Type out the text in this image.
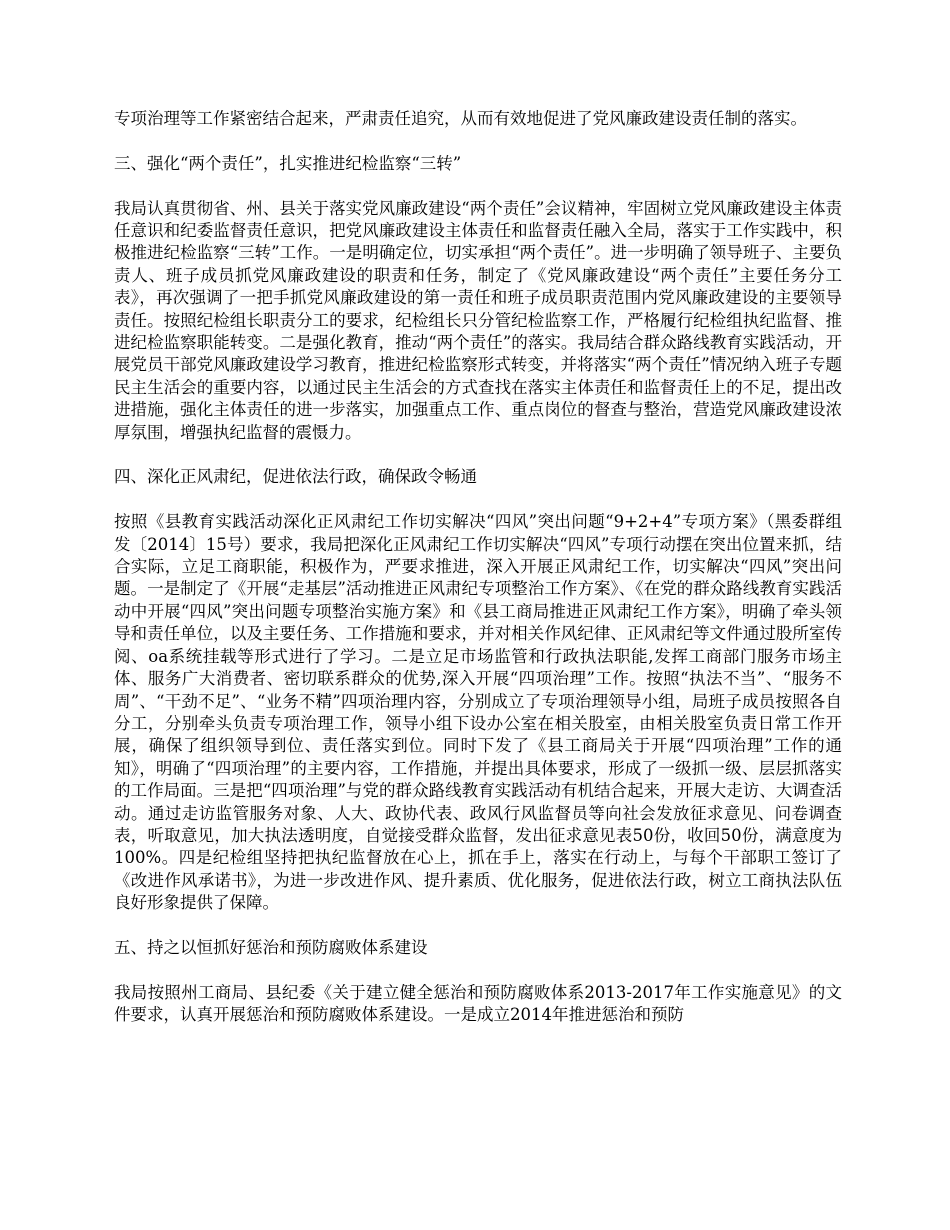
专项治理等工作紧密结合起来，严肃责任追究，从而有效地促进了党风廉政建设责任制的落实。

三、强化“两个责任”，扎实推进纪检监察“三转”

我局认真贯彻省、州、县关于落实党风廉政建设“两个责任”会议精神，牢固树立党风廉政建设主体责任意识和纪委监督责任意识，把党风廉政建设主体责任和监督责任融入全局，落实于工作实践中，积极推进纪检监察“三转”工作。一是明确定位，切实承担“两个责任”。进一步明确了领导班子、主要负责人、班子成员抓党风廉政建设的职责和任务，制定了《党风廉政建设“两个责任”主要任务分工表》，再次强调了一把手抓党风廉政建设的第一责任和班子成员职责范围内党风廉政建设的主要领导责任。按照纪检组长职责分工的要求，纪检组长只分管纪检监察工作，严格履行纪检组执纪监督、推进纪检监察职能转变。二是强化教育，推动“两个责任”的落实。我局结合群众路线教育实践活动，开展党员干部党风廉政建设学习教育，推进纪检监察形式转变，并将落实“两个责任”情况纳入班子专题民主生活会的重要内容，以通过民主生活会的方式查找在落实主体责任和监督责任上的不足，提出改进措施，强化主体责任的进一步落实，加强重点工作、重点岗位的督查与整治，营造党风廉政建设浓厚氛围，增强执纪监督的震慑力。

四、深化正风肃纪，促进依法行政，确保政令畅通

按照《县教育实践活动深化正风肃纪工作切实解决“四风”突出问题“9+2+4”专项方案》（黑委群组发〔2014〕15号）要求，我局把深化正风肃纪工作切实解决“四风”专项行动摆在突出位置来抓，结合实际，立足工商职能，积极作为，严要求推进，深入开展正风肃纪工作，切实解决“四风”突出问题。一是制定了《开展“走基层”活动推进正风肃纪专项整治工作方案》、《在党的群众路线教育实践活动中开展“四风”突出问题专项整治实施方案》和《县工商局推进正风肃纪工作方案》，明确了牵头领导和责任单位，以及主要任务、工作措施和要求，并对相关作风纪律、正风肃纪等文件通过股所室传阅、oa系统挂载等形式进行了学习。二是立足市场监管和行政执法职能,发挥工商部门服务市场主体、服务广大消费者、密切联系群众的优势,深入开展“四项治理”工作。按照“执法不当”、“服务不周”、“干劲不足”、“业务不精”四项治理内容，分别成立了专项治理领导小组，局班子成员按照各自分工，分别牵头负责专项治理工作，领导小组下设办公室在相关股室，由相关股室负责日常工作开展，确保了组织领导到位、责任落实到位。同时下发了《县工商局关于开展“四项治理”工作的通知》，明确了“四项治理”的主要内容，工作措施，并提出具体要求，形成了一级抓一级、层层抓落实的工作局面。三是把“四项治理”与党的群众路线教育实践活动有机结合起来，开展大走访、大调查活动。通过走访监管服务对象、人大、政协代表、政风行风监督员等向社会发放征求意见、问卷调查表，听取意见，加大执法透明度，自觉接受群众监督，发出征求意见表50份，收回50份，满意度为100%。四是纪检组坚持把执纪监督放在心上，抓在手上，落实在行动上，与每个干部职工签订了《改进作风承诺书》，为进一步改进作风、提升素质、优化服务，促进依法行政，树立工商执法队伍良好形象提供了保障。

五、持之以恒抓好惩治和预防腐败体系建设

我局按照州工商局、县纪委《关于建立健全惩治和预防腐败体系2013-2017年工作实施意见》的文件要求，认真开展惩治和预防腐败体系建设。一是成立2014年推进惩治和预防
